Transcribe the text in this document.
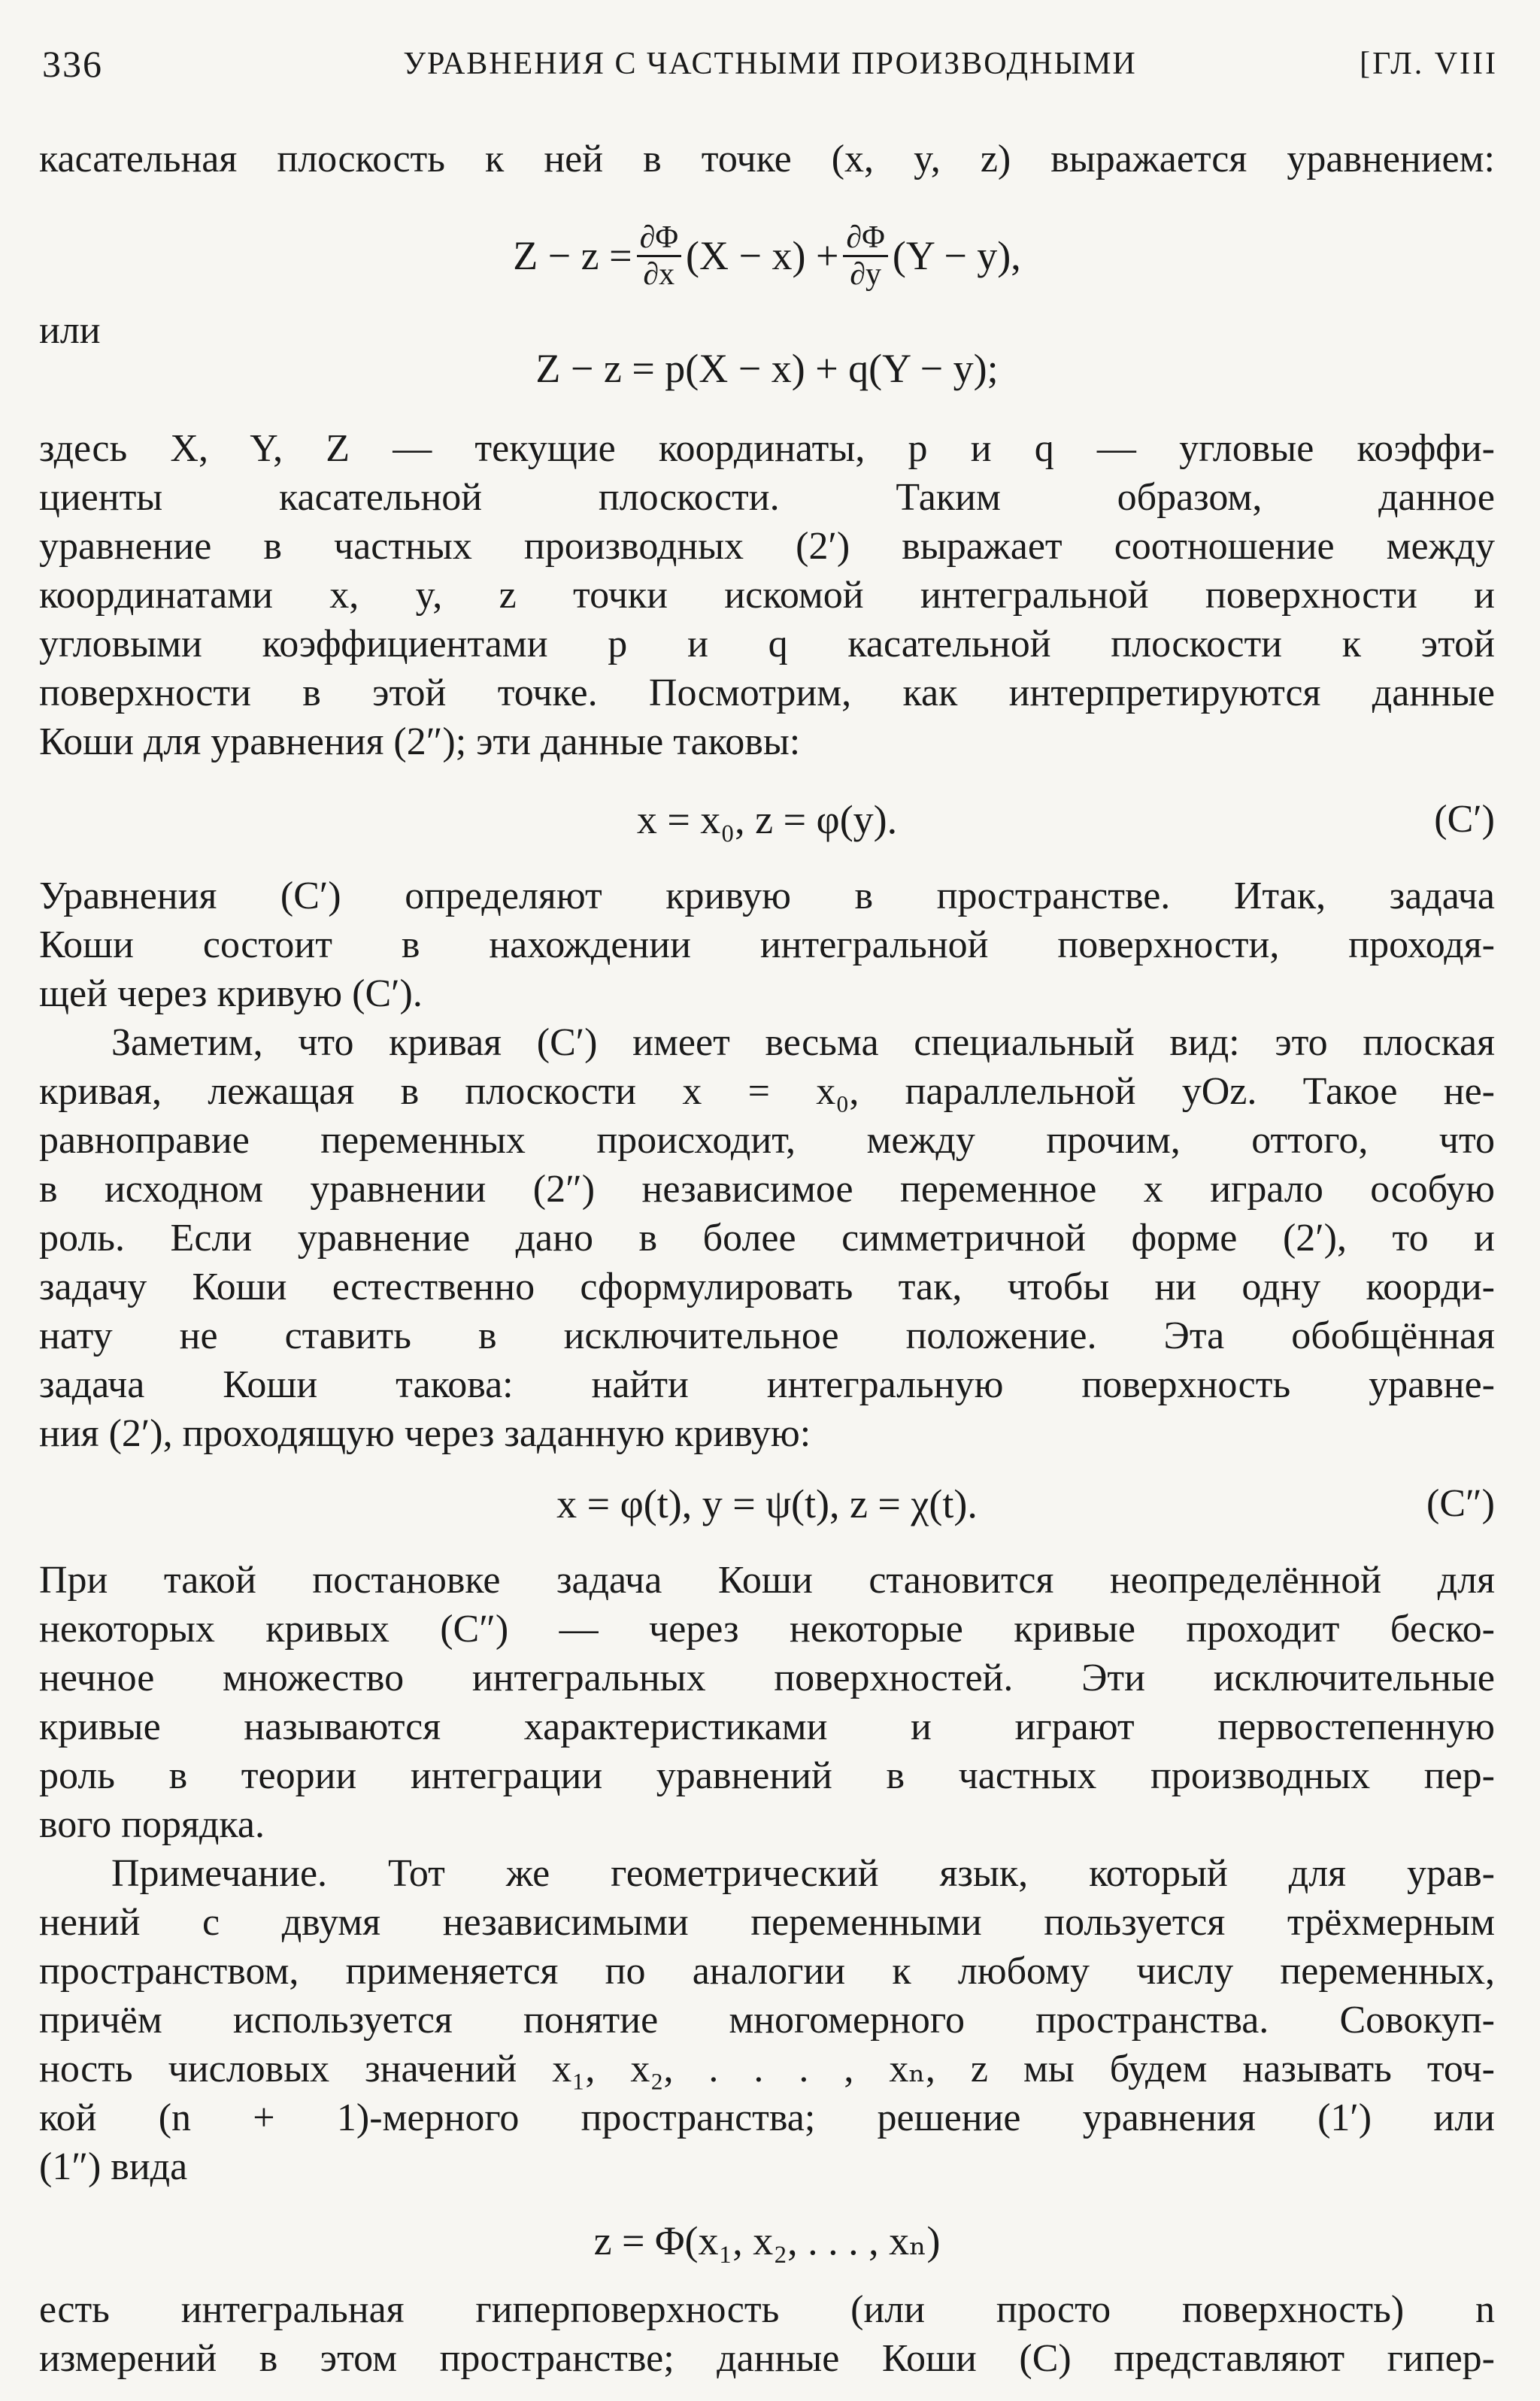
336	УРАВНЕНИЯ С ЧАСТНЫМИ ПРОИЗВОДНЫМИ	[ГЛ. VIII
касательная плоскость к ней в точке (x, y, z) выражается уравнением:
$Z - z = \frac{\partial\Phi}{\partial x} (X - x) + \frac{\partial\Phi}{\partial y} (Y - y)$,
или
Z − z = p(X − x) + q(Y − y);
здесь X, Y, Z — текущие координаты, p и q — угловые коэффи-
циенты касательной плоскости. Таким образом, данное
уравнение в частных производных (2′) выражает соотношение между
координатами x, y, z точки искомой интегральной поверхности и
угловыми коэффициентами p и q касательной плоскости к этой
поверхности в этой точке. Посмотрим, как интерпретируются данные
Коши для уравнения (2″); эти данные таковы:
x = x₀, z = φ(y).	(C′)
Уравнения (C′) определяют кривую в пространстве. Итак, задача
Коши состоит в нахождении интегральной поверхности, проходя-
щей через кривую (C′).
Заметим, что кривая (C′) имеет весьма специальный вид: это плоская
кривая, лежащая в плоскости x = x₀, параллельной yOz. Такое не-
равноправие переменных происходит, между прочим, оттого, что
в исходном уравнении (2″) независимое переменное x играло особую
роль. Если уравнение дано в более симметричной форме (2′), то и
задачу Коши естественно сформулировать так, чтобы ни одну коорди-
нату не ставить в исключительное положение. Эта обобщённая
задача Коши такова: найти интегральную поверхность уравне-
ния (2′), проходящую через заданную кривую:
x = φ(t), y = ψ(t), z = χ(t).	(C″)
При такой постановке задача Коши становится неопределённой для
некоторых кривых (C″) — через некоторые кривые проходит беско-
нечное множество интегральных поверхностей. Эти исключительные
кривые называются характеристиками и играют первостепенную
роль в теории интеграции уравнений в частных производных пер-
вого порядка.
Примечание. Тот же геометрический язык, который для урав-
нений с двумя независимыми переменными пользуется трёхмерным
пространством, применяется по аналогии к любому числу переменных,
причём используется понятие многомерного пространства. Совокуп-
ность числовых значений x₁, x₂, . . . , xₙ, z мы будем называть точ-
кой (n + 1)-мерного пространства; решение уравнения (1′) или
(1″) вида
z = Φ(x₁, x₂, . . . , xₙ)
есть интегральная гиперповерхность (или просто поверхность) n
измерений в этом пространстве; данные Коши (C) представляют гипер-
